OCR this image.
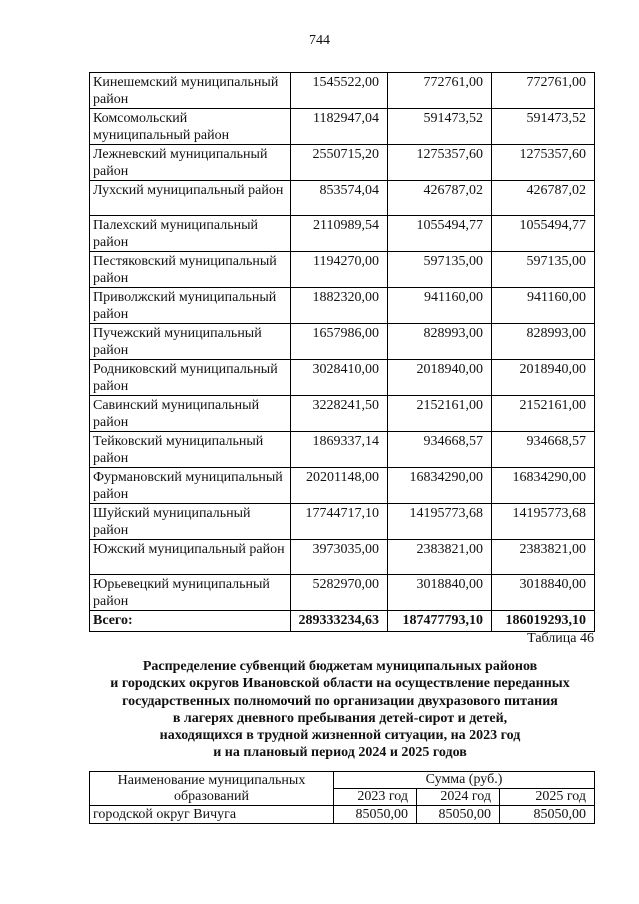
744
Кинешемский муниципальный район	1545522,00	772761,00	772761,00
Комсомольский муниципальный район	1182947,04	591473,52	591473,52
Лежневский муниципальный район	2550715,20	1275357,60	1275357,60
Лухский муниципальный район	853574,04	426787,02	426787,02
Палехский муниципальный район	2110989,54	1055494,77	1055494,77
Пестяковский муниципальный район	1194270,00	597135,00	597135,00
Приволжский муниципальный район	1882320,00	941160,00	941160,00
Пучежский муниципальный район	1657986,00	828993,00	828993,00
Родниковский муниципальный район	3028410,00	2018940,00	2018940,00
Савинский муниципальный район	3228241,50	2152161,00	2152161,00
Тейковский муниципальный район	1869337,14	934668,57	934668,57
Фурмановский муниципальный район	20201148,00	16834290,00	16834290,00
Шуйский муниципальный район	17744717,10	14195773,68	14195773,68
Южский муниципальный район	3973035,00	2383821,00	2383821,00
Юрьевецкий муниципальный район	5282970,00	3018840,00	3018840,00
Всего:	289333234,63	187477793,10	186019293,10
Таблица 46
Распределение субвенций бюджетам муниципальных районов
и городских округов Ивановской области на осуществление переданных
государственных полномочий по организации двухразового питания
в лагерях дневного пребывания детей-сирот и детей,
находящихся в трудной жизненной ситуации, на 2023 год
и на плановый период 2024 и 2025 годов
Наименование муниципальных образований	Сумма (руб.)		
	2023 год	2024 год	2025 год
городской округ Вичуга	85050,00	85050,00	85050,00
